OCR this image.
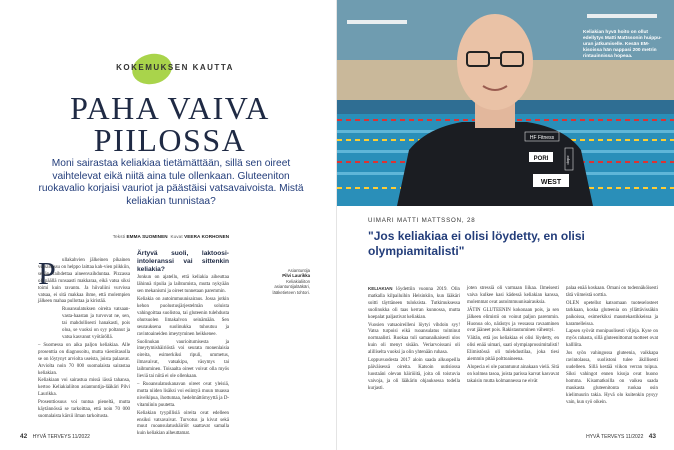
KOKEMUKSEN KAUTTA
PAHA VAIVA
PIILOSSA
Moni sairastaa keliakiaa tietämättään, sillä sen oireet vaihtelevat eikä niitä aina tule ollenkaan. Gluteeniton ruokavalio korjaisi vauriot ja päästäisi vatsavaivoista. Mistä keliakian tunnistaa?
Teksti EMMA SUOMINEN Kuvat VEERA KORHONEN
P	ullakahvien jälkeinen pikainen vessareissu on helppo laittaa kah-vien piikkiin, sehän vaihdettaa aineenvaihduntaa. Pizzassa oli päällä runsaasti makkaraa, eikä vatsa siksi toimi kuin ravantu. Ja hiivaliini vurvissa vatsaa, ei sitä makkaa ihme, että molempien jälkeen mahaa pullottaa ja kiristää.

Ruoansulatuksen oireita vatsaan-vasta-haastan ja turvovat ne, sen, tai mahdollisesti hanakasti, pois oloa, se vuoksi on syy poltanut ja vatsa kasvanut vyötäröllä.

– Suomessa on aika paljon keliakiaa. Alle prosenttia on diagnosoitu, mutta väestötasolla se on löytynyt arviolta useista, joista palaavat. Arviolta noin 70 000 suomalaista sairastaa keliakian.

Keliakiaan voi sairastua missä iässä tahansa, kertoo Keliakialiiton asiantuntija-lääkäri Pilvi Laurikka.

Prosenttiosuus voi tuntua pieneltä, mutta käytännössä se tarkoittaa, että noin 70 000 suomalaista kärsii ilman tarkoitusta.

Ärtyvä suoli, laktoosi-intoleranssi vai sittenkin keliakia?

Jonkun on ajatellu, että keliakia aiheuttaa lähinnä ripulia ja laihtumista, mutta nykyään sen mekanismi ja oireet tunnetaan paremmin.

Keliakia on autoimmuunisairaus. Jossa jotkin kehon puolustusjärjestelmän soluista vahingoittaa suolistoa, tai gluteenin tulehdusta ohutsuolen limakalvon seinämään. Sen seurauksena suolinukka tuhoutuu ja ravintoaineiden imeytyminen heikkenee.

Suolinukan vaurioitumisesta ja imeytymishäiriöstä voi seurata monenlaisia oireita, esimerkiksi ripuli, ummetus, ilmavaivat, vatsakipu, väsymys tai laihtuminen. Toisaalta oireet voivat olla myös lieviä tai niitä ei ole ollenkaan.

– Ruoansulatuskanavan oireet ovat yleisiä, mutta niiden lisäksi voi esiintyä muun muassa nivelkipua, ihottumaa, hedelmättömyyttä ja D-vitamiinin puutetta.

Keliakian tyypillisiä oireita ovat edelleen ensiksi vatsavaivat. Turvotus ja kivut sekä muut ruoansulatushäiriöt saattavat samalla kuin keliakian aiheuttamat.

Asiantuntija
Pilvi Laurikka
Keliakialiiton asiantuntijalääkäri, lääketieteen tohtori.
42 HYVÄ TERVEYS 11/2022
HF Fitness
PORI
WEST
dopo
Keliakian hyvä hoito on ollut edellytys Matti Mattssonin huippu-uran jatkumiselle. Kesän EM-kisoissa hän nappasi 200 metrin rintauinnissa hopeaa.
UIMARI MATTI MATTSSON, 28
"Jos keliakiaa ei olisi löydetty, en olisi olympiamitalisti"

KELIAKIAN löydettiin vuonna 2019. Olin matkalla kilpailuihin Helsinkiin, kun lääkäri soitti täyttäneen tuloksista. Tutkimuksessa suolinukka oli taas kerran kunnossa, mutta koepalat paljastivat keliakian.

Vuosien vatsaoireilleni löytyi vihdoin syy! Vatsa turpoisi eikä ruoansulatus toiminut normaalisti. Ruokaa tuli samanaikaisesti ulos kuin oli menyt sisään. Veriarvoissani oli alilliselta vuoksi ja olin yhtenään ruhasa.

Loppuvuodesta 2017 aloin saada alkuopeilla päiväisessä oireita. Katsoin uutisiossa luostaäni olevan häiriöitä, joita oli toistuvia vaivoja, ja oli lääkärin ohjauksessa todella kurjasti.

joten stressiä oli varmaan liikaa. Ilmeisesti vaiva kulkee kasi kädessä keliakian kanssa, molemmat ovat autoimmuunisairauksia.

JÄTIN GLUTEENIN kokonaan pois, ja sen jälkeen elimistö on voinut paljon paremmin. Huonoa olo, närästys ja vessassa ravaaminen ovat jääneet pois. Rakistautuminen vähentyi.

Väitän, että jos keliakiaa ei olisi löydetty, en olisi enää uimari, saati olympiaprossimitalisti! Elimistössä oli tulehdustilaa, joka tiesi aiemmin pitää polttoaineena.

Alopecia ei ole parantunut ainakaan vielä. Sitä on kolmea tasoa, joista parissa karvat kasvavat takaisin mutta kolmannessa ne eivät

palaa enää koskaan. Omani on todennäköisesti tätä viimeistä sorttia.

OLEN opetellut katsomaan tuoteselosteet tarkkaan, koska gluteenia on yllättävissäkin paikoissa, esimerkiksi maustekastikkeissa ja karamelleissa.

Lapsen syövät monipuolisesti viljoja. Kyse on myös rahasta, sillä gluteenittomat tuotteet ovat kallliita.

Jos syön vahingossa gluteenia, vaikkapa ravintolassa, suolistoni tulee äkillisesti uudelleen. Sillä kestää viikon verran toipua. Siksi vahingot ennen kisoja ovat huono homma. Kisamatkoilla on vaikea saada maukasta gluteenitonta ruokaa osin kielimuurin takia. Hyvä olo kuitenkin pysyy vain, kun syö oikein.

HYVÄ TERVEYS 11/2022 43
